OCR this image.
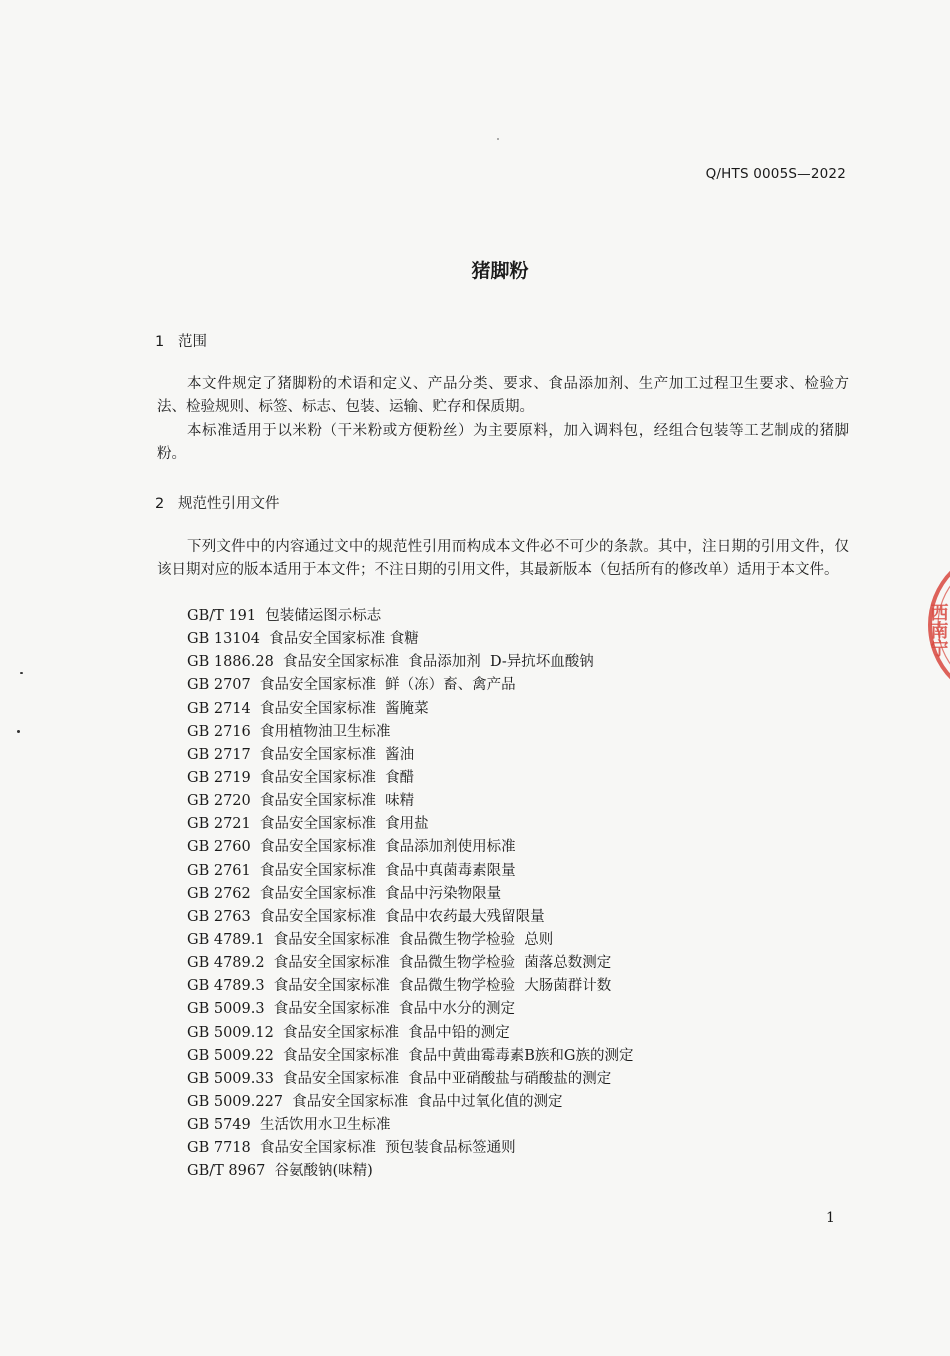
Q/HTS 0005S—2022
猪脚粉
1 范围
本文件规定了猪脚粉的术语和定义、产品分类、要求、食品添加剂、生产加工过程卫生要求、检验方法、检验规则、标签、标志、包装、运输、贮存和保质期。
本标准适用于以米粉（干米粉或方便粉丝）为主要原料，加入调料包，经组合包装等工艺制成的猪脚粉。
2 规范性引用文件
下列文件中的内容通过文中的规范性引用而构成本文件必不可少的条款。其中，注日期的引用文件，仅该日期对应的版本适用于本文件；不注日期的引用文件，其最新版本（包括所有的修改单）适用于本文件。
GB/T 191  包装储运图示标志
GB 13104  食品安全国家标准 食糖
GB 1886.28  食品安全国家标准  食品添加剂  D-异抗坏血酸钠
GB 2707  食品安全国家标准  鲜（冻）畜、禽产品
GB 2714  食品安全国家标准  酱腌菜
GB 2716  食用植物油卫生标准
GB 2717  食品安全国家标准  酱油
GB 2719  食品安全国家标准  食醋
GB 2720  食品安全国家标准  味精
GB 2721  食品安全国家标准  食用盐
GB 2760  食品安全国家标准  食品添加剂使用标准
GB 2761  食品安全国家标准  食品中真菌毒素限量
GB 2762  食品安全国家标准  食品中污染物限量
GB 2763  食品安全国家标准  食品中农药最大残留限量
GB 4789.1  食品安全国家标准  食品微生物学检验  总则
GB 4789.2  食品安全国家标准  食品微生物学检验  菌落总数测定
GB 4789.3  食品安全国家标准  食品微生物学检验  大肠菌群计数
GB 5009.3  食品安全国家标准  食品中水分的测定
GB 5009.12  食品安全国家标准  食品中铅的测定
GB 5009.22  食品安全国家标准  食品中黄曲霉毒素B族和G族的测定
GB 5009.33  食品安全国家标准  食品中亚硝酸盐与硝酸盐的测定
GB 5009.227  食品安全国家标准  食品中过氧化值的测定
GB 5749  生活饮用水卫生标准
GB 7718  食品安全国家标准  预包装食品标签通则
GB/T 8967  谷氨酸钠(味精)
1
西南宁
